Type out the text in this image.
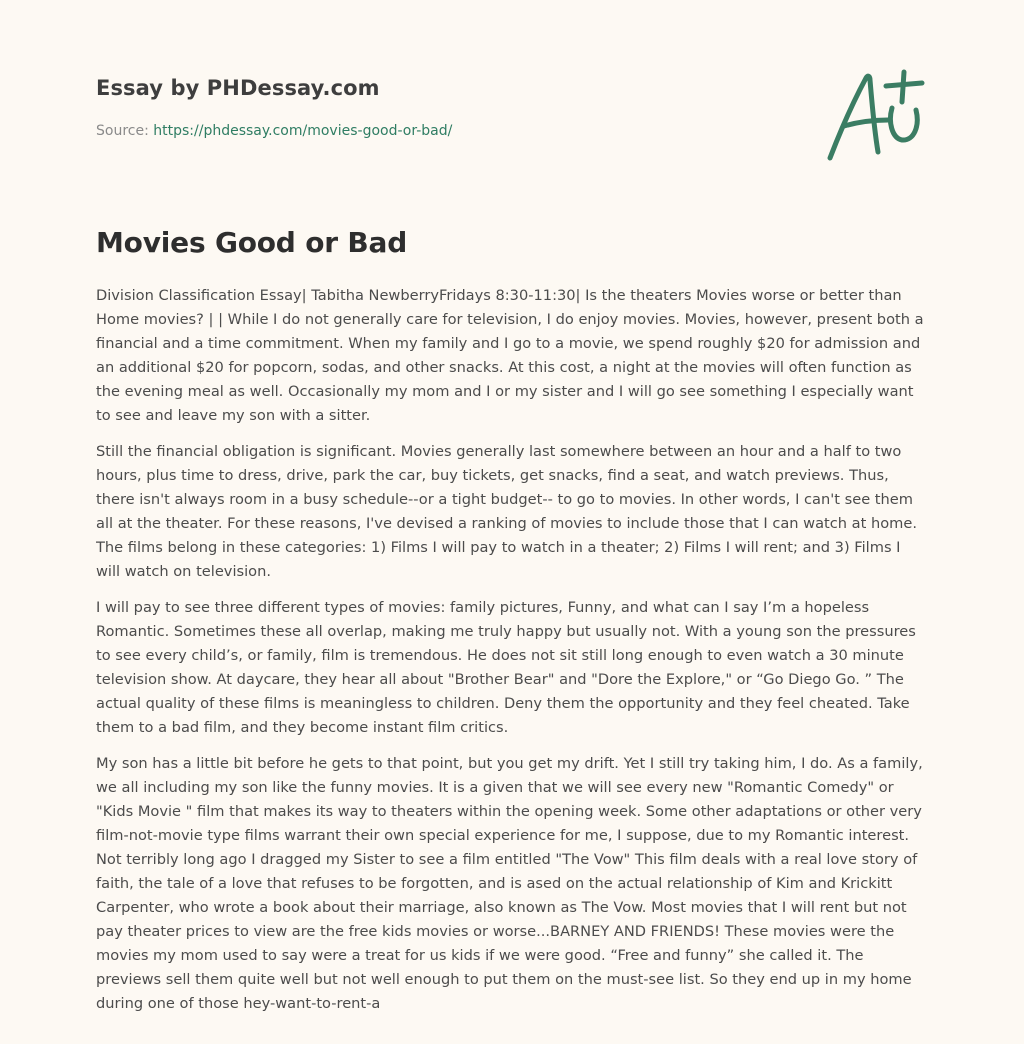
Essay by PHDessay.com
Source: https://phdessay.com/movies-good-or-bad/
Movies Good or Bad

Division Classification Essay| Tabitha NewberryFridays 8:30-11:30| Is the theaters Movies worse or better than Home movies? | | While I do not generally care for television, I do enjoy movies. Movies, however, present both a financial and a time commitment. When my family and I go to a movie, we spend roughly $20 for admission and an additional $20 for popcorn, sodas, and other snacks. At this cost, a night at the movies will often function as the evening meal as well. Occasionally my mom and I or my sister and I will go see something I especially want to see and leave my son with a sitter.

Still the financial obligation is significant. Movies generally last somewhere between an hour and a half to two hours, plus time to dress, drive, park the car, buy tickets, get snacks, find a seat, and watch previews. Thus, there isn't always room in a busy schedule--or a tight budget-- to go to movies. In other words, I can't see them all at the theater. For these reasons, I've devised a ranking of movies to include those that I can watch at home. The films belong in these categories: 1) Films I will pay to watch in a theater; 2) Films I will rent; and 3) Films I will watch on television.

I will pay to see three different types of movies: family pictures, Funny, and what can I say I’m a hopeless Romantic. Sometimes these all overlap, making me truly happy but usually not. With a young son the pressures to see every child’s, or family, film is tremendous. He does not sit still long enough to even watch a 30 minute television show. At daycare, they hear all about "Brother Bear" and "Dore the Explore," or “Go Diego Go. ” The actual quality of these films is meaningless to children. Deny them the opportunity and they feel cheated. Take them to a bad film, and they become instant film critics.

My son has a little bit before he gets to that point, but you get my drift. Yet I still try taking him, I do. As a family, we all including my son like the funny movies. It is a given that we will see every new "Romantic Comedy" or "Kids Movie " film that makes its way to theaters within the opening week. Some other adaptations or other very film-not-movie type films warrant their own special experience for me, I suppose, due to my Romantic interest. Not terribly long ago I dragged my Sister to see a film entitled "The Vow" This film deals with a real love story of faith, the tale of a love that refuses to be forgotten, and is ased on the actual relationship of Kim and Krickitt Carpenter, who wrote a book about their marriage, also known as The Vow. Most movies that I will rent but not pay theater prices to view are the free kids movies or worse...BARNEY AND FRIENDS! These movies were the movies my mom used to say were a treat for us kids if we were good. “Free and funny” she called it. The previews sell them quite well but not well enough to put them on the must-see list. So they end up in my home during one of those hey-want-to-rent-a
